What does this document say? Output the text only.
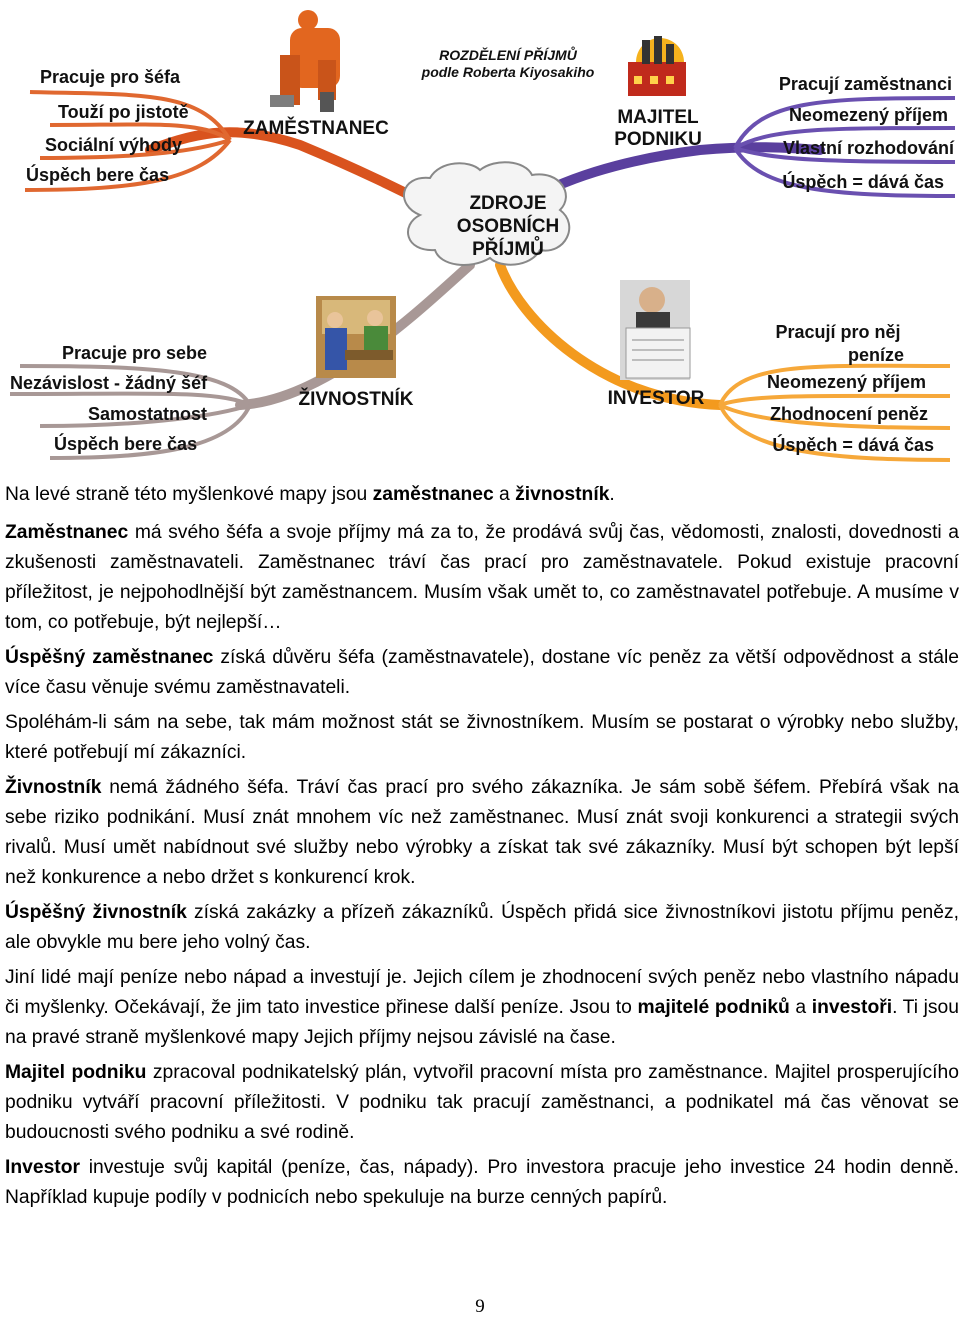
ZDROJE
OSOBNÍCH
PŘÍJMŮ
ROZDĚLENÍ PŘÍJMŮ
podle Roberta Kiyosakiho
ZAMĚSTNANEC
MAJITEL
PODNIKU
ŽIVNOSTNÍK	INVESTOR
Pracuje pro šéfa
Touží po jistotě
Sociální výhody
Úspěch bere čas
Pracují zaměstnanci
Neomezený příjem
Vlastní rozhodování
Úspěch = dává čas
Pracuje pro sebe
Nezávislost - žádný šéf
Samostatnost
Úspěch bere čas
Pracují pro něj
peníze
Neomezený příjem
Zhodnocení peněz
Úspěch = dává čas

Na levé straně této myšlenkové mapy jsou zaměstnanec a živnostník.

Zaměstnanec má svého šéfa a svoje příjmy má za to, že prodává svůj čas, vědomosti, znalosti, dovednosti a zkušenosti zaměstnavateli. Zaměstnanec tráví čas prací pro zaměstnavatele. Pokud existuje pracovní příležitost, je nejpohodlnější být zaměstnancem. Musím však umět to, co zaměstnavatel potřebuje. A musíme v tom, co potřebuje, být nejlepší…

Úspěšný zaměstnanec získá důvěru šéfa (zaměstnavatele), dostane víc peněz za větší odpovědnost a stále více času věnuje svému zaměstnavateli.

Spoléhám-li sám na sebe, tak mám možnost stát se živnostníkem. Musím se postarat o výrobky nebo služby, které potřebují mí zákazníci.

Živnostník nemá žádného šéfa. Tráví čas prací pro svého zákazníka. Je sám sobě šéfem. Přebírá však na sebe riziko podnikání. Musí znát mnohem víc než zaměstnanec. Musí znát svoji konkurenci a strategii svých rivalů. Musí umět nabídnout své služby nebo výrobky a získat tak své zákazníky. Musí být schopen být lepší než konkurence a nebo držet s konkurencí krok.

Úspěšný živnostník získá zakázky a přízeň zákazníků. Úspěch přidá sice živnostníkovi jistotu příjmu peněz, ale obvykle mu bere jeho volný čas.

Jiní lidé mají peníze nebo nápad a investují je. Jejich cílem je zhodnocení svých peněz nebo vlastního nápadu či myšlenky. Očekávají, že jim tato investice přinese další peníze. Jsou to majitelé podniků a investoři. Ti jsou na pravé straně myšlenkové mapy Jejich příjmy nejsou závislé na čase.

Majitel podniku zpracoval podnikatelský plán, vytvořil pracovní místa pro zaměstnance. Majitel prosperujícího podniku vytváří pracovní příležitosti. V podniku tak pracují zaměstnanci, a podnikatel má čas věnovat se budoucnosti svého podniku a své rodině.

Investor investuje svůj kapitál (peníze, čas, nápady). Pro investora pracuje jeho investice 24 hodin denně. Například kupuje podíly v podnicích nebo spekuluje na burze cenných papírů.

9
